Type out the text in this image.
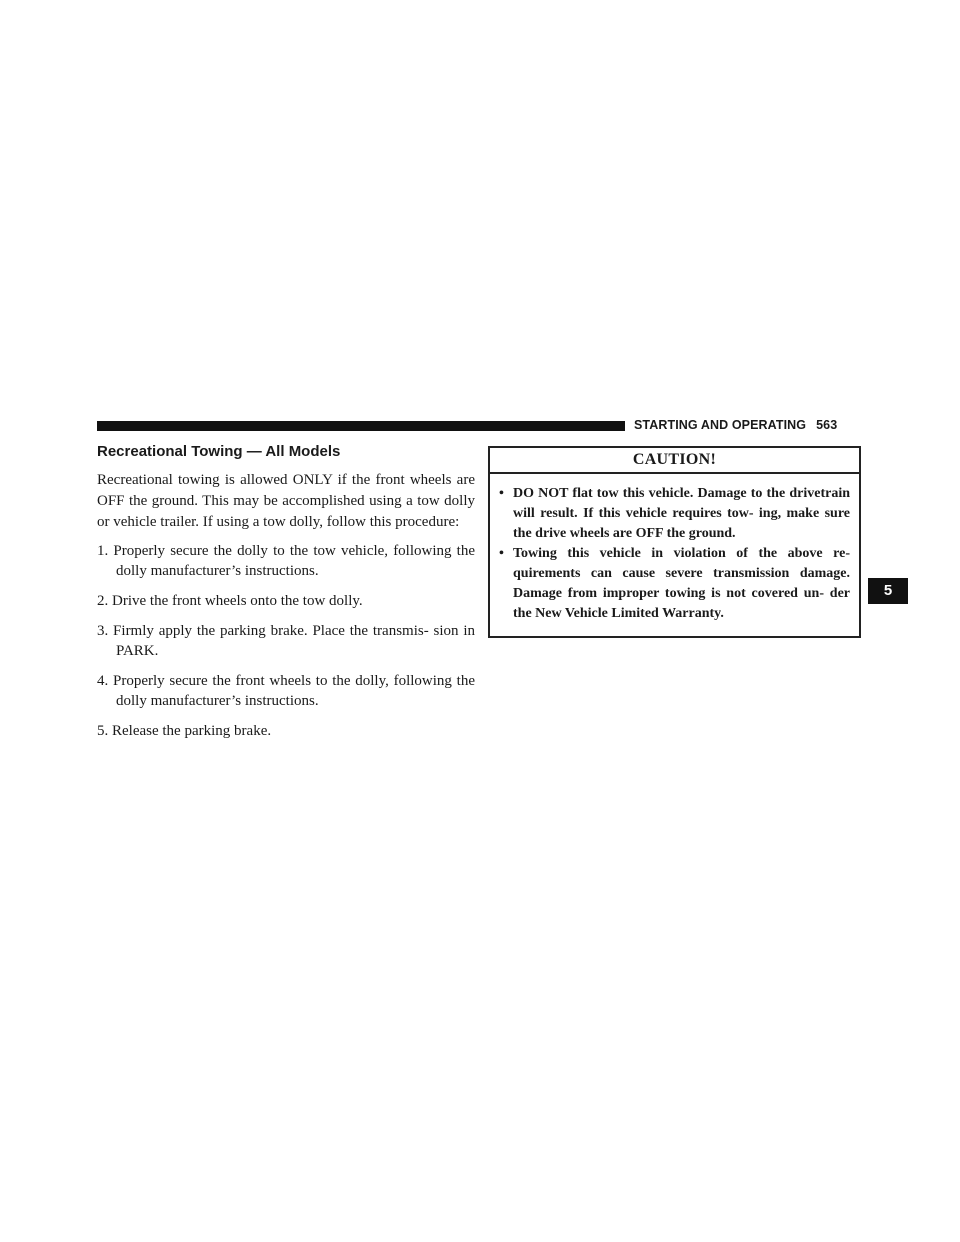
STARTING AND OPERATING 563
Recreational Towing — All Models

Recreational towing is allowed ONLY if the front wheels are OFF the ground. This may be accomplished using a tow dolly or vehicle trailer. If using a tow dolly, follow this procedure:

1. Properly secure the dolly to the tow vehicle, following the dolly manufacturer’s instructions.
2. Drive the front wheels onto the tow dolly.
3. Firmly apply the parking brake. Place the transmis- sion in PARK.
4. Properly secure the front wheels to the dolly, following the dolly manufacturer’s instructions.
5. Release the parking brake.
CAUTION!
• DO NOT flat tow this vehicle. Damage to the drivetrain will result. If this vehicle requires tow- ing, make sure the drive wheels are OFF the ground.
• Towing this vehicle in violation of the above re- quirements can cause severe transmission damage. Damage from improper towing is not covered un- der the New Vehicle Limited Warranty.
5
